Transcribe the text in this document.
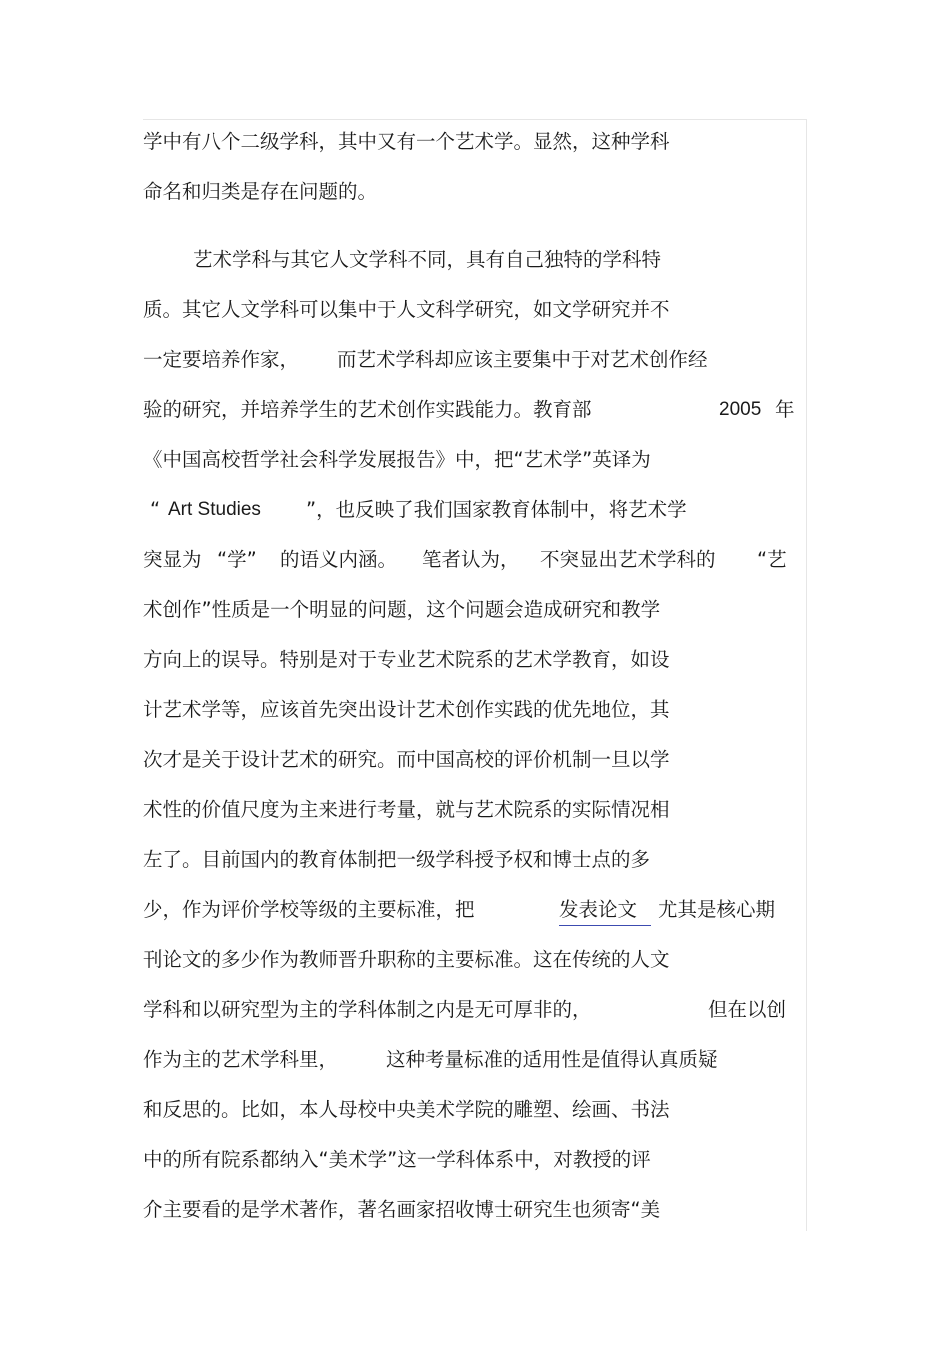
学中有八个二级学科，其中又有一个艺术学。显然，这种学科
命名和归类是存在问题的。
艺术学科与其它人文学科不同，具有自己独特的学科特
质。其它人文学科可以集中于人文科学研究，如文学研究并不

一定要培养作家，

而艺术学科却应该主要集中于对艺术创作经

验的研究，并培养学生的艺术创作实践能力。教育部

	2005

年

《中国高校哲学社会科学发展报告》中，把“艺术学”英译为

“

Art Studies

”，也反映了我们国家教育体制中，将艺术学

突显为

“学”

的语义内涵。

笔者认为，

不突显出艺术学科的

“艺

术创作”性质是一个明显的问题，这个问题会造成研究和教学
方向上的误导。特别是对于专业艺术院系的艺术学教育，如设
计艺术学等，应该首先突出设计艺术创作实践的优先地位，其
次才是关于设计艺术的研究。而中国高校的评价机制一旦以学
术性的价值尺度为主来进行考量，就与艺术院系的实际情况相
左了。目前国内的教育体制把一级学科授予权和博士点的多

少，作为评价学校等级的主要标准，把

	发表论文

	尤其是核心期

刊论文的多少作为教师晋升职称的主要标准。这在传统的人文

学科和以研究型为主的学科体制之内是无可厚非的，

	但在以创

作为主的艺术学科里，

这种考量标准的适用性是值得认真质疑

和反思的。比如，本人母校中央美术学院的雕塑、绘画、书法
中的所有院系都纳入“美术学”这一学科体系中，对教授的评
介主要看的是学术著作，著名画家招收博士研究生也须寄“美
